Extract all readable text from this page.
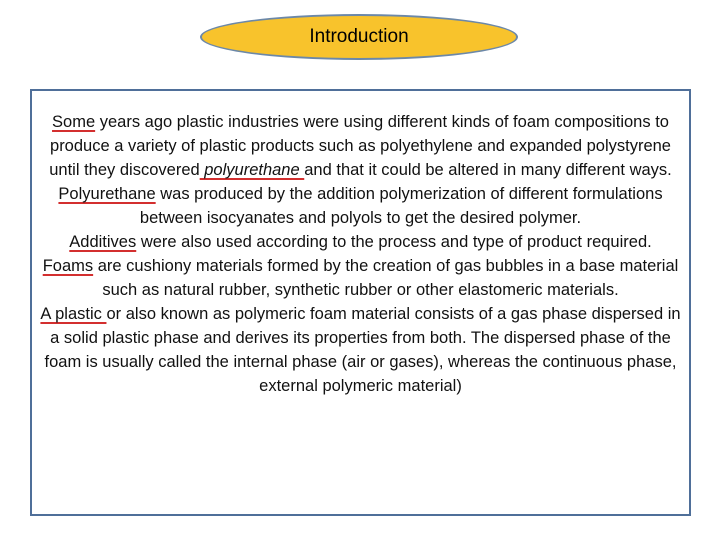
Introduction

Some years ago plastic industries were using different kinds of foam compositions to produce a variety of plastic products such as polyethylene and expanded polystyrene until they discovered polyurethane and that it could be altered in many different ways.

Polyurethane was produced by the addition polymerization of different formulations between isocyanates and polyols to get the desired polymer.

Additives were also used according to the process and type of product required.

Foams are cushiony materials formed by the creation of gas bubbles in a base material such as natural rubber, synthetic rubber or other elastomeric materials.

A plastic or also known as polymeric foam material consists of a gas phase dispersed in a solid plastic phase and derives its properties from both. The dispersed phase of the foam is usually called the internal phase (air or gases), whereas the continuous phase, external polymeric material)
